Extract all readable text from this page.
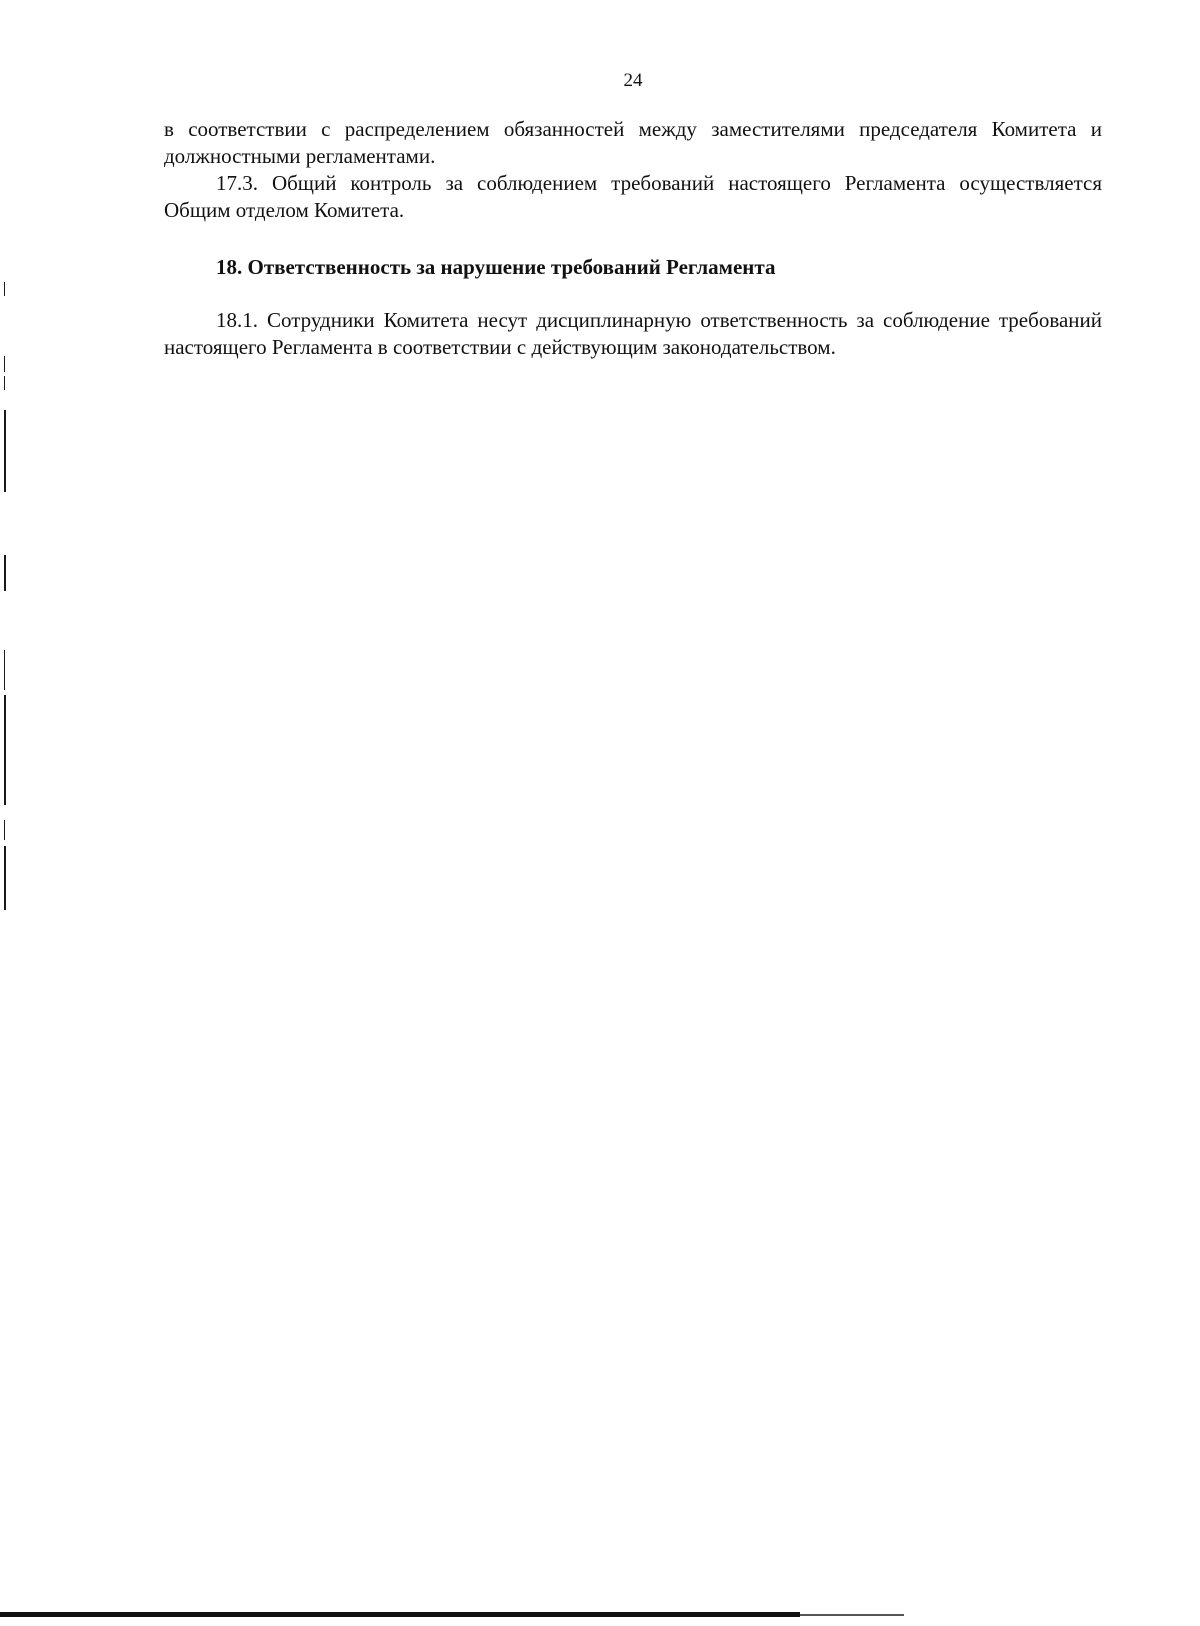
24

в соответствии с распределением обязанностей между заместителями председателя Комитета и должностными регламентами.

17.3. Общий контроль за соблюдением требований настоящего Регламента осуществляется Общим отделом Комитета.

18. Ответственность за нарушение требований Регламента

18.1. Сотрудники Комитета несут дисциплинарную ответственность за соблюдение требований настоящего Регламента в соответствии с действующим законодательством.
